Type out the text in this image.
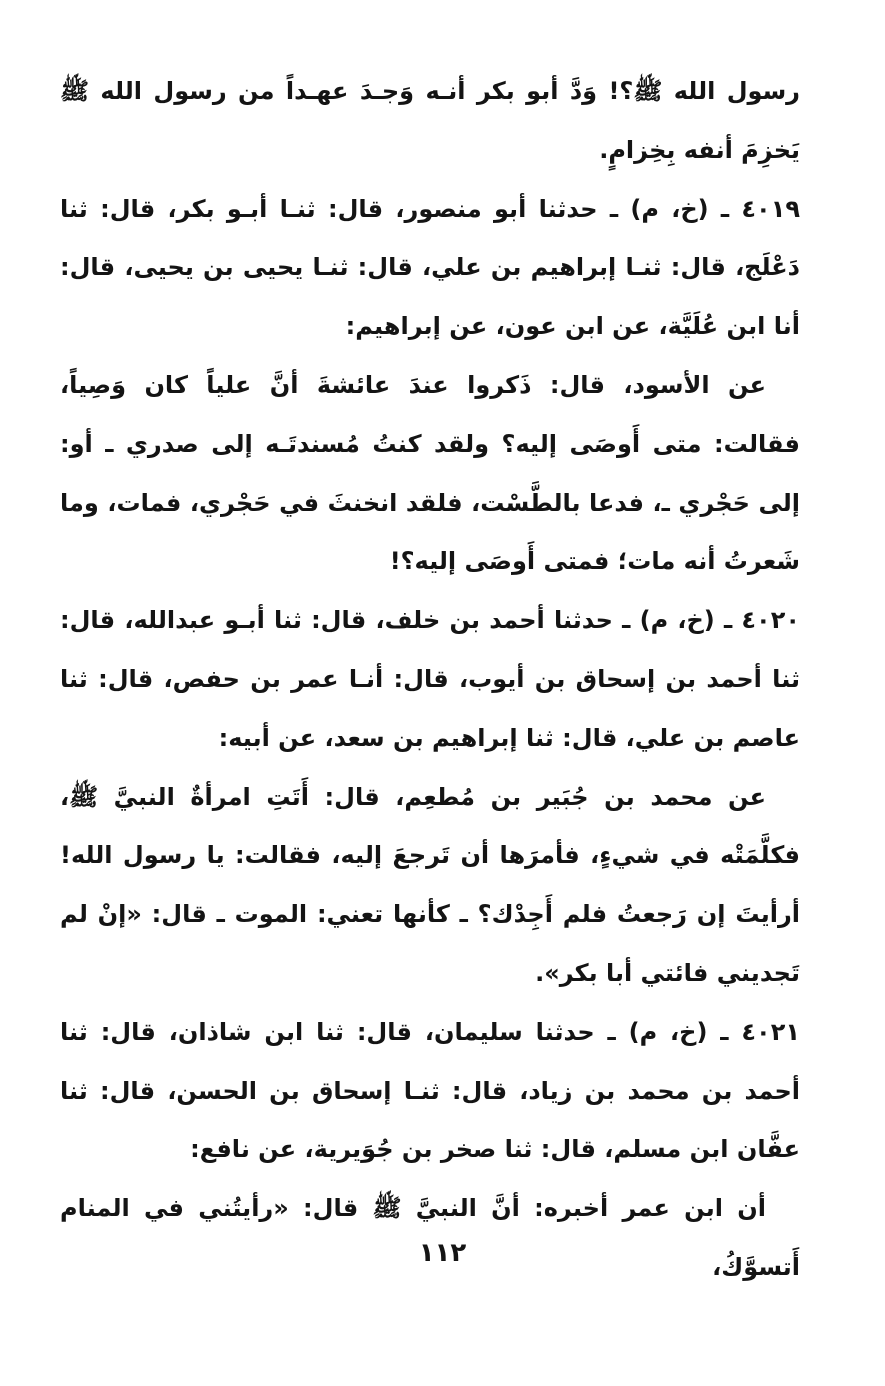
رسول الله ﷺ؟! وَدَّ أبو بكر أنـه وَجـدَ عهـداً من رسول الله ﷺ يَخزِمَ أنفه بِخِزامٍ.

٤٠١٩ ـ (خ، م) ـ حدثنا أبو منصور، قال: ثنـا أبـو بكر، قال: ثنا دَعْلَج، قال: ثنـا إبراهيم بن علي، قال: ثنـا يحيى بن يحيى، قال: أنا ابن عُلَيَّة، عن ابن عون، عن إبراهيم:

عن الأسود، قال: ذَكروا عندَ عائشةَ أنَّ علياً كان وَصِياً، فقالت: متى أَوصَى إليه؟ ولقد كنتُ مُسندتَـه إلى صدري ـ أو: إلى حَجْري ـ، فدعا بالطَّسْت، فلقد انخنثَ في حَجْري، فمات، وما شَعرتُ أنه مات؛ فمتى أَوصَى إليه؟!

٤٠٢٠ ـ (خ، م) ـ حدثنا أحمد بن خلف، قال: ثنا أبـو عبدالله، قال: ثنا أحمد بن إسحاق بن أيوب، قال: أنـا عمر بن حفص، قال: ثنا عاصم بن علي، قال: ثنا إبراهيم بن سعد، عن أبيه:

عن محمد بن جُبَير بن مُطعِم، قال: أَتَتِ امرأةٌ النبيَّ ﷺ، فكلَّمَتْه في شيءٍ، فأمرَها أن تَرجعَ إليه، فقالت: يا رسول الله! أرأيتَ إن رَجعتُ فلم أَجِدْك؟ ـ كأنها تعني: الموت ـ قال: «إنْ لم تَجديني فائتي أبا بكر».

٤٠٢١ ـ (خ، م) ـ حدثنا سليمان، قال: ثنا ابن شاذان، قال: ثنا أحمد بن محمد بن زياد، قال: ثنـا إسحاق بن الحسن، قال: ثنا عفَّان ابن مسلم، قال: ثنا صخر بن جُوَيرية، عن نافع:

أن ابن عمر أخبره: أنَّ النبيَّ ﷺ قال: «رأيتُني في المنام أَتسوَّكُ،

١١٢
